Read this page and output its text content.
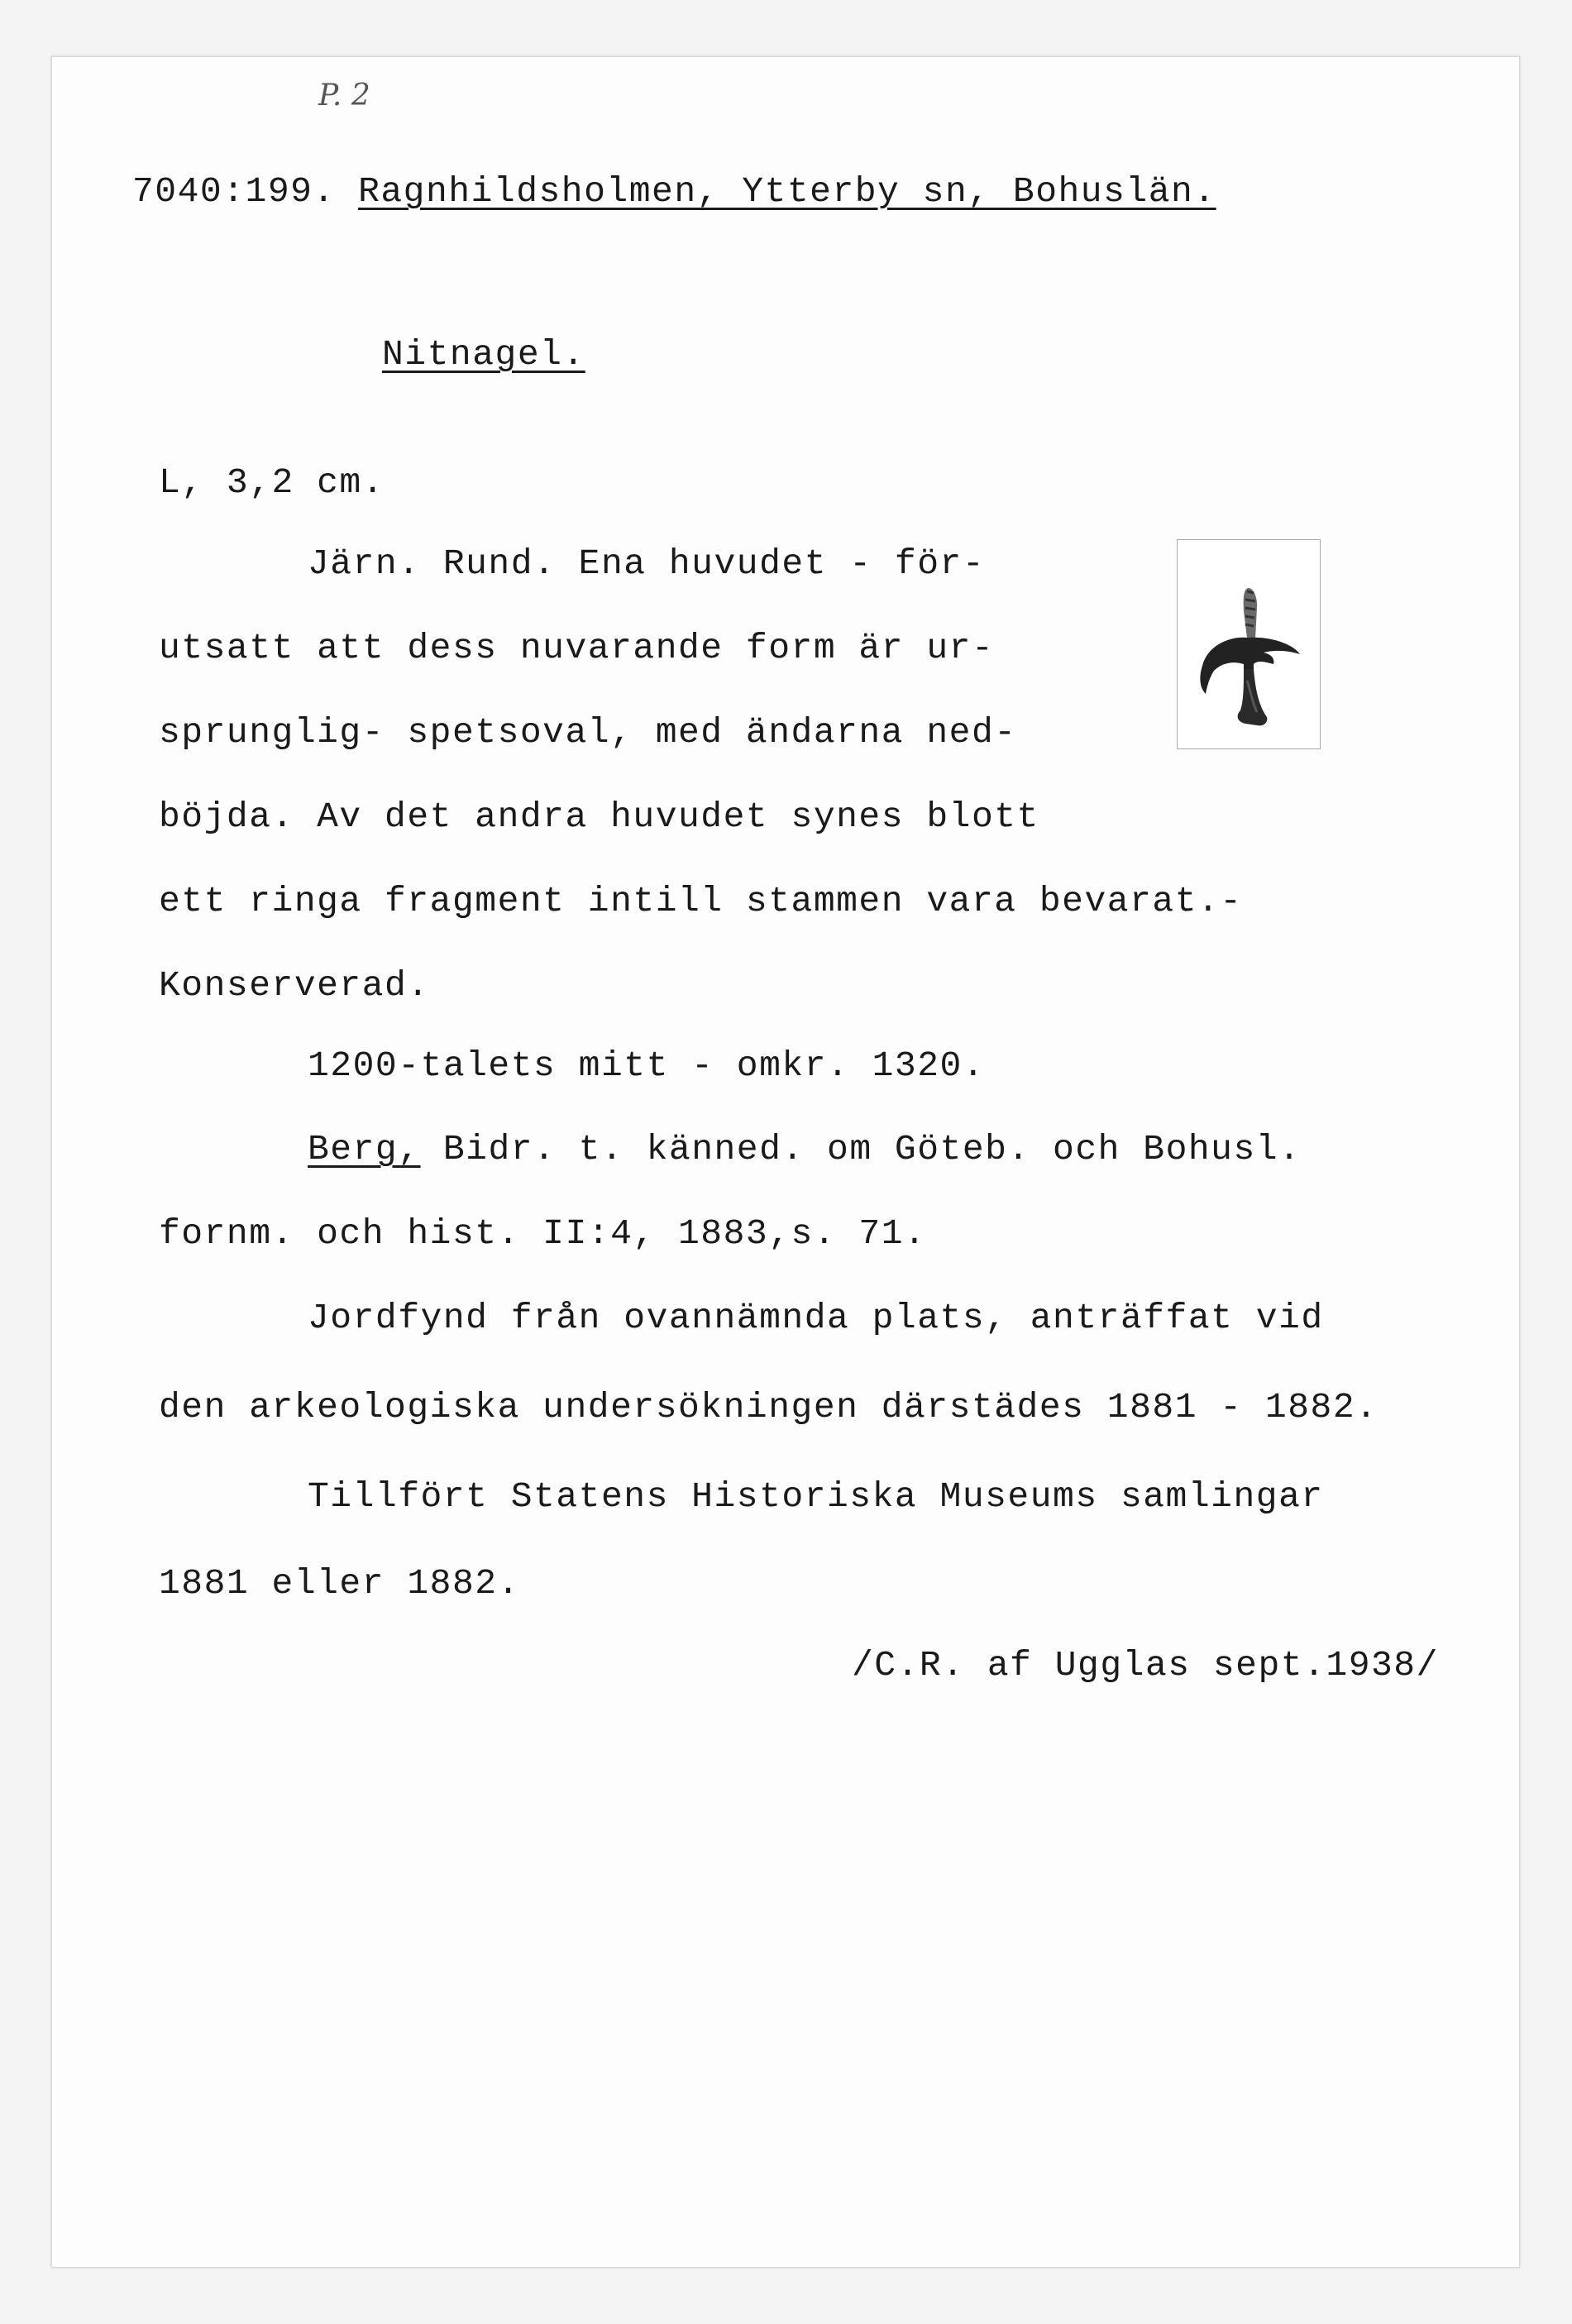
P. 2
7040:199. Ragnhildsholmen, Ytterby sn, Bohuslän.
Nitnagel.
L, 3,2 cm.
Järn. Rund. Ena huvudet - för-
utsatt att dess nuvarande form är ur-
sprunglig- spetsoval, med ändarna ned-
böjda. Av det andra huvudet synes blott
ett ringa fragment intill stammen vara bevarat.-
Konserverad.
1200-talets mitt - omkr. 1320.
Berg, Bidr. t. känned. om Göteb. och Bohusl.
fornm. och hist. II:4, 1883,s. 71.
Jordfynd från ovannämnda plats, anträffat vid
den arkeologiska undersökningen därstädes 1881 - 1882.
Tillfört Statens Historiska Museums samlingar
1881 eller 1882.
/C.R. af Ugglas sept.1938/
